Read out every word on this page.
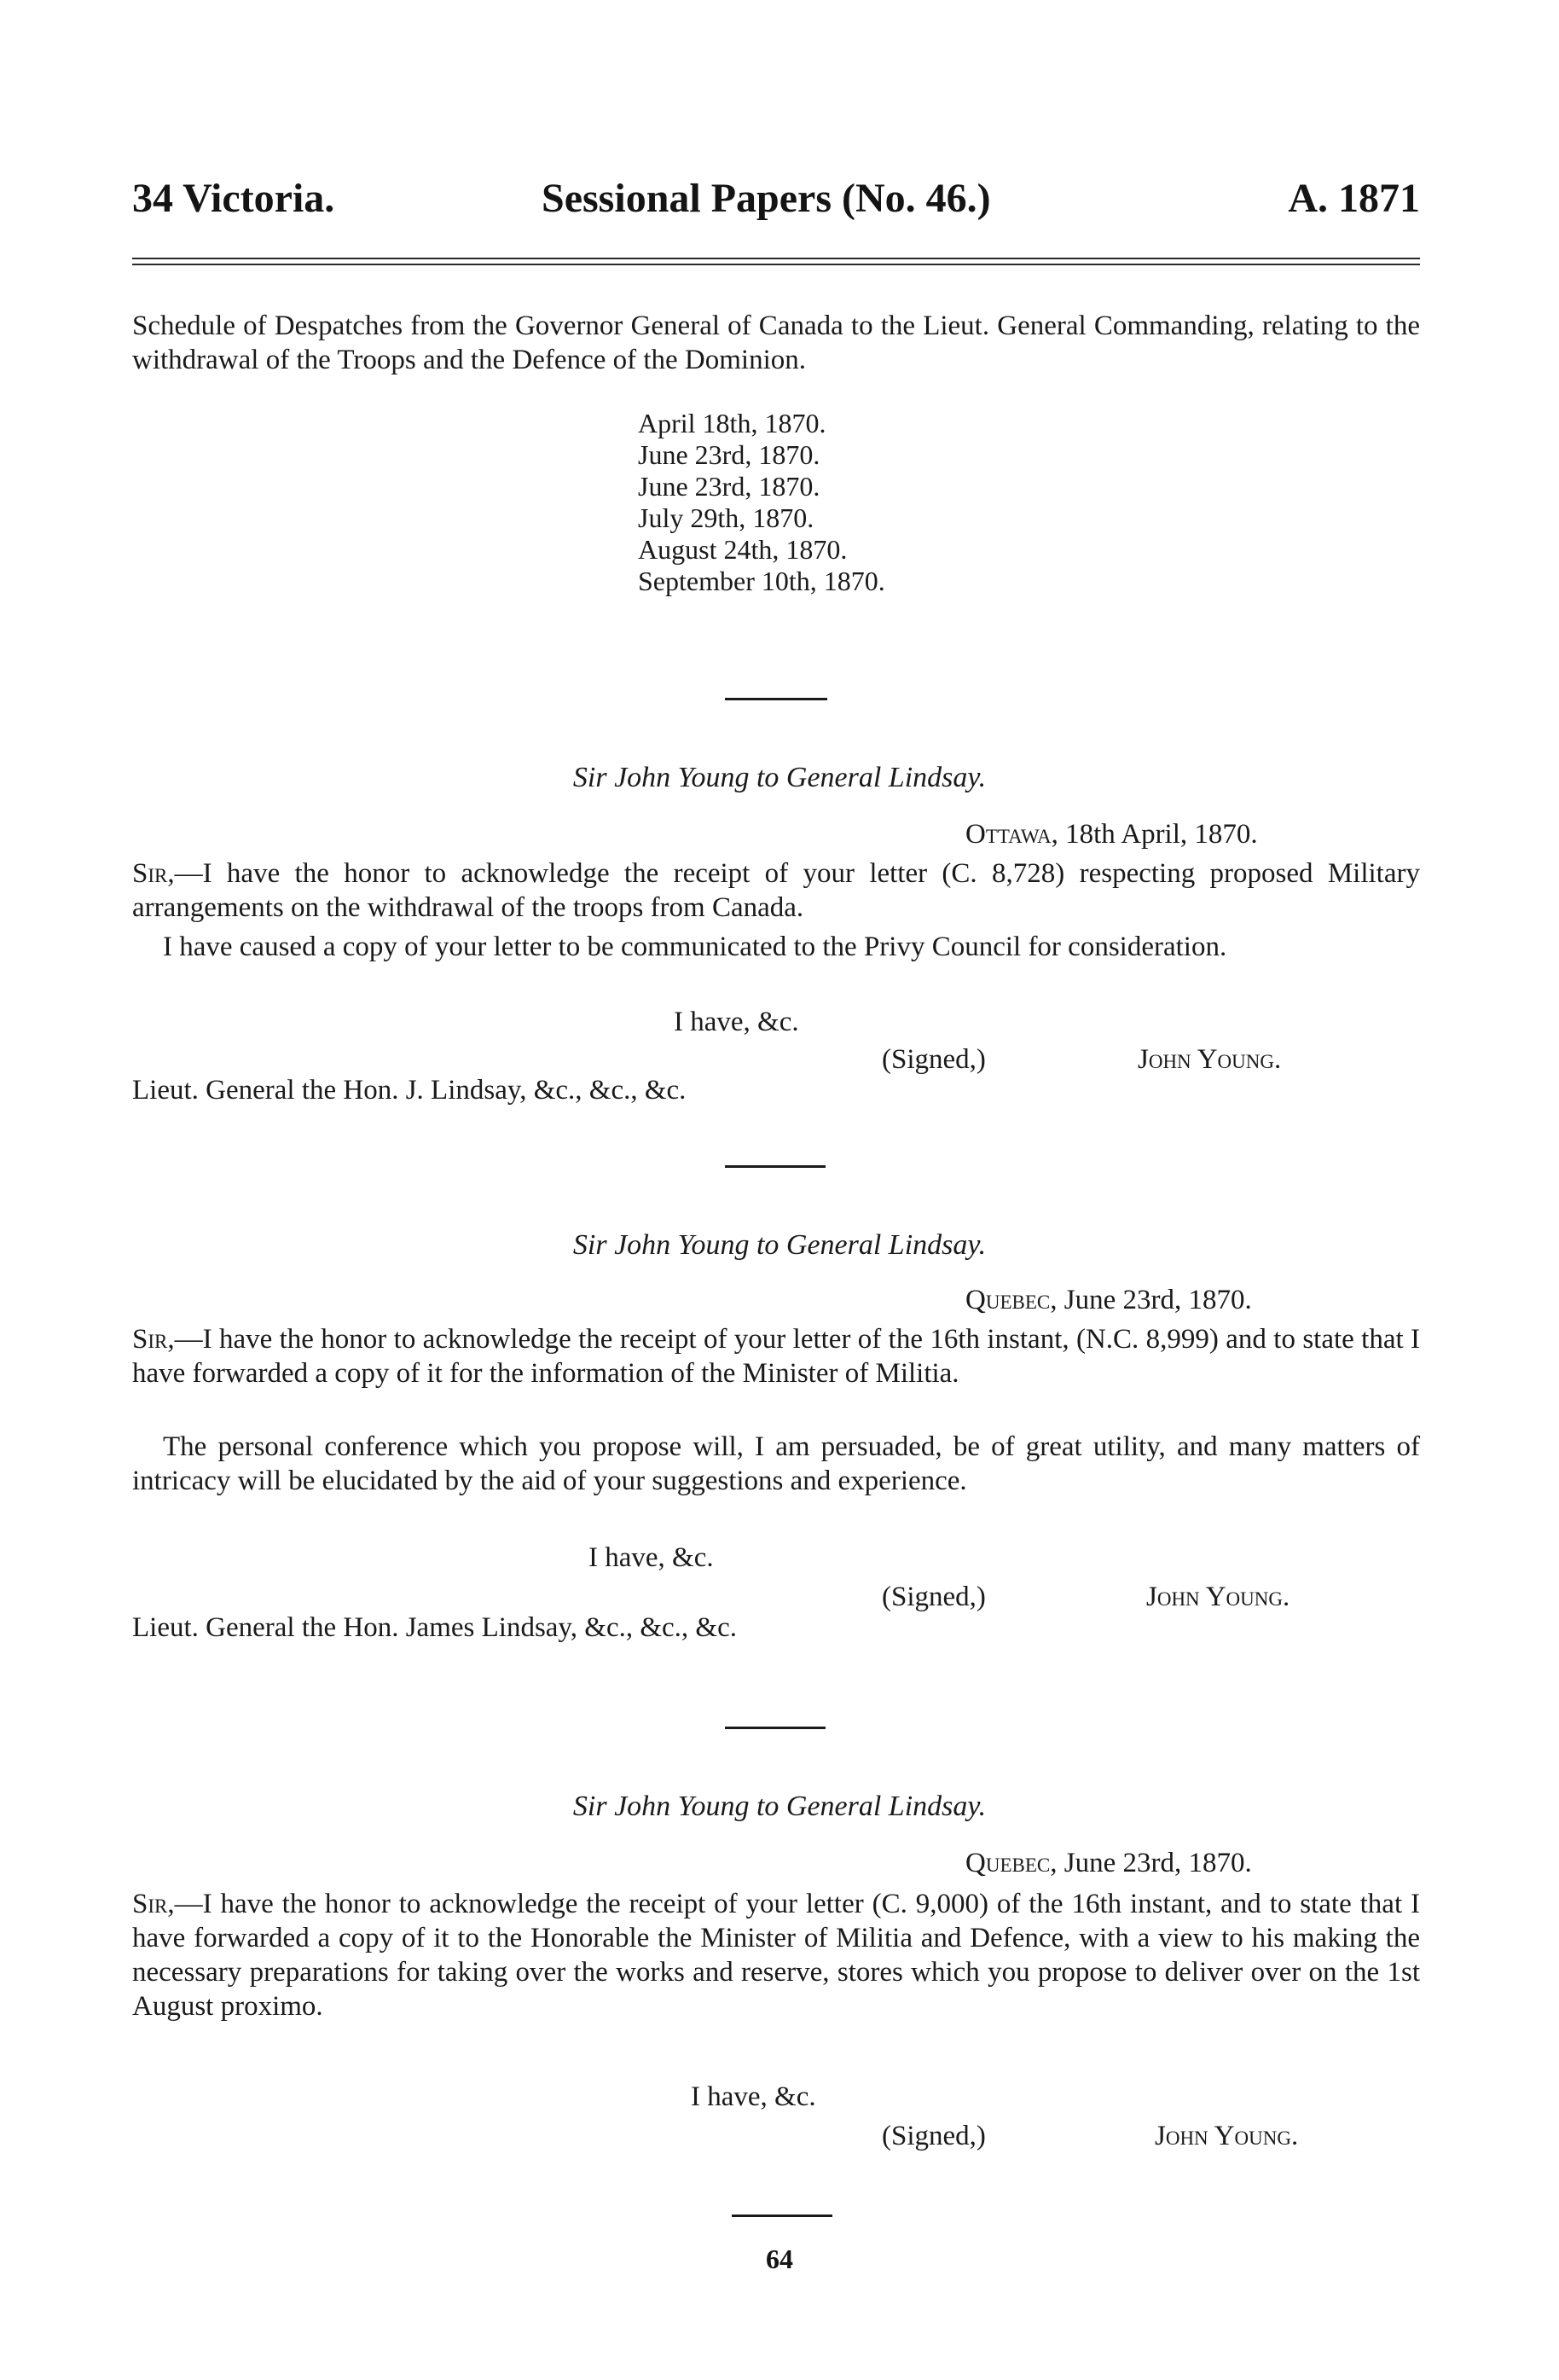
34 Victoria.	Sessional Papers (No. 46.)	A. 1871
Schedule of Despatches from the Governor General of Canada to the Lieut. General Commanding, relating to the withdrawal of the Troops and the Defence of the Dominion.
April 18th, 1870.
June 23rd, 1870.
June 23rd, 1870.
July 29th, 1870.
August 24th, 1870.
September 10th, 1870.
Sir John Young to General Lindsay.
Ottawa, 18th April, 1870.
Sir,—I have the honor to acknowledge the receipt of your letter (C. 8,728) respecting proposed Military arrangements on the withdrawal of the troops from Canada.
I have caused a copy of your letter to be communicated to the Privy Council for consideration.
I have, &c.
(Signed,)	John Young.
Lieut. General the Hon. J. Lindsay, &c., &c., &c.
Sir John Young to General Lindsay.
Quebec, June 23rd, 1870.
Sir,—I have the honor to acknowledge the receipt of your letter of the 16th instant, (N.C. 8,999) and to state that I have forwarded a copy of it for the information of the Minister of Militia.
The personal conference which you propose will, I am persuaded, be of great utility, and many matters of intricacy will be elucidated by the aid of your suggestions and experience.
I have, &c.
(Signed,)	John Young.
Lieut. General the Hon. James Lindsay, &c., &c., &c.
Sir John Young to General Lindsay.
Quebec, June 23rd, 1870.
Sir,—I have the honor to acknowledge the receipt of your letter (C. 9,000) of the 16th instant, and to state that I have forwarded a copy of it to the Honorable the Minister of Militia and Defence, with a view to his making the necessary preparations for taking over the works and reserve, stores which you propose to deliver over on the 1st August proximo.
I have, &c.
(Signed,)	John Young.
64
